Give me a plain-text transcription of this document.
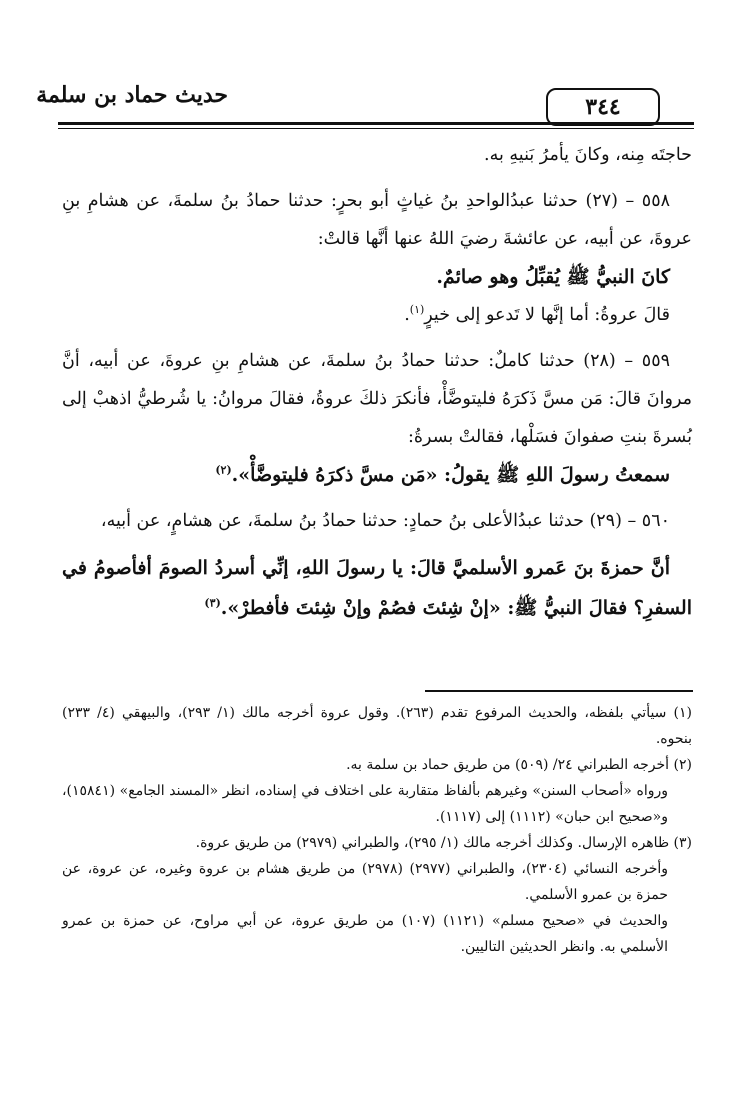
حديث حماد بن سلمة	٣٤٤

حاجتَه مِنه، وكانَ يأمرُ بَنيهِ به.

٥٥٨ – (٢٧) حدثنا عبدُالواحدِ بنُ غياثٍ أبو بحرٍ: حدثنا حمادُ بنُ سلمةَ، عن هشامِ بنِ عروةَ، عن أبيه، عن عائشةَ رضيَ اللهُ عنها أنَّها قالتْ:

كانَ النبيُّ ﷺ يُقبِّلُ وهو صائمٌ.

قالَ عروةُ: أما إنَّها لا تَدعو إلى خيرٍ$^{(١)}$.

٥٥٩ – (٢٨) حدثنا كاملٌ: حدثنا حمادُ بنُ سلمةَ، عن هشامِ بنِ عروةَ، عن أبيه، أنَّ مروانَ قالَ: مَن مسَّ ذَكرَهُ فليتوضَّأْ، فأنكرَ ذلكَ عروةُ، فقالَ مروانُ: يا شُرطيُّ اذهبْ إلى بُسرةَ بنتِ صفوانَ فسَلْها، فقالتْ بسرةُ:

سمعتُ رسولَ اللهِ ﷺ يقولُ: «مَن مسَّ ذكرَهُ فليتوضَّأْ».$^{(٢)}$

٥٦٠ – (٢٩) حدثنا عبدُالأعلى بنُ حمادٍ: حدثنا حمادُ بنُ سلمةَ، عن هشامٍ، عن أبيه،

أنَّ حمزةَ بنَ عَمرو الأسلميَّ قالَ: يا رسولَ اللهِ، إنِّي أسردُ الصومَ أفأصومُ في السفرِ؟ فقالَ النبيُّ ﷺ: «إنْ شِئتَ فصُمْ وإنْ شِئتَ فأفطرْ».$^{(٣)}$

(١) سيأتي بلفظه، والحديث المرفوع تقدم (٢٦٣). وقول عروة أخرجه مالك (١/ ٢٩٣)، والبيهقي (٤/ ٢٣٣) بنحوه.

(٢) أخرجه الطبراني ٢٤/ (٥٠٩) من طريق حماد بن سلمة به.

ورواه «أصحاب السنن» وغيرهم بألفاظ متقاربة على اختلاف في إسناده، انظر «المسند الجامع» (١٥٨٤١)، و«صحيح ابن حبان» (١١١٢) إلى (١١١٧).

(٣) ظاهره الإرسال. وكذلك أخرجه مالك (١/ ٢٩٥)، والطبراني (٢٩٧٩) من طريق عروة.

وأخرجه النسائي (٢٣٠٤)، والطبراني (٢٩٧٧) (٢٩٧٨) من طريق هشام بن عروة وغيره، عن عروة، عن حمزة بن عمرو الأسلمي.

والحديث في «صحيح مسلم» (١١٢١) (١٠٧) من طريق عروة، عن أبي مراوح، عن حمزة بن عمرو الأسلمي به. وانظر الحديثين التاليين.
